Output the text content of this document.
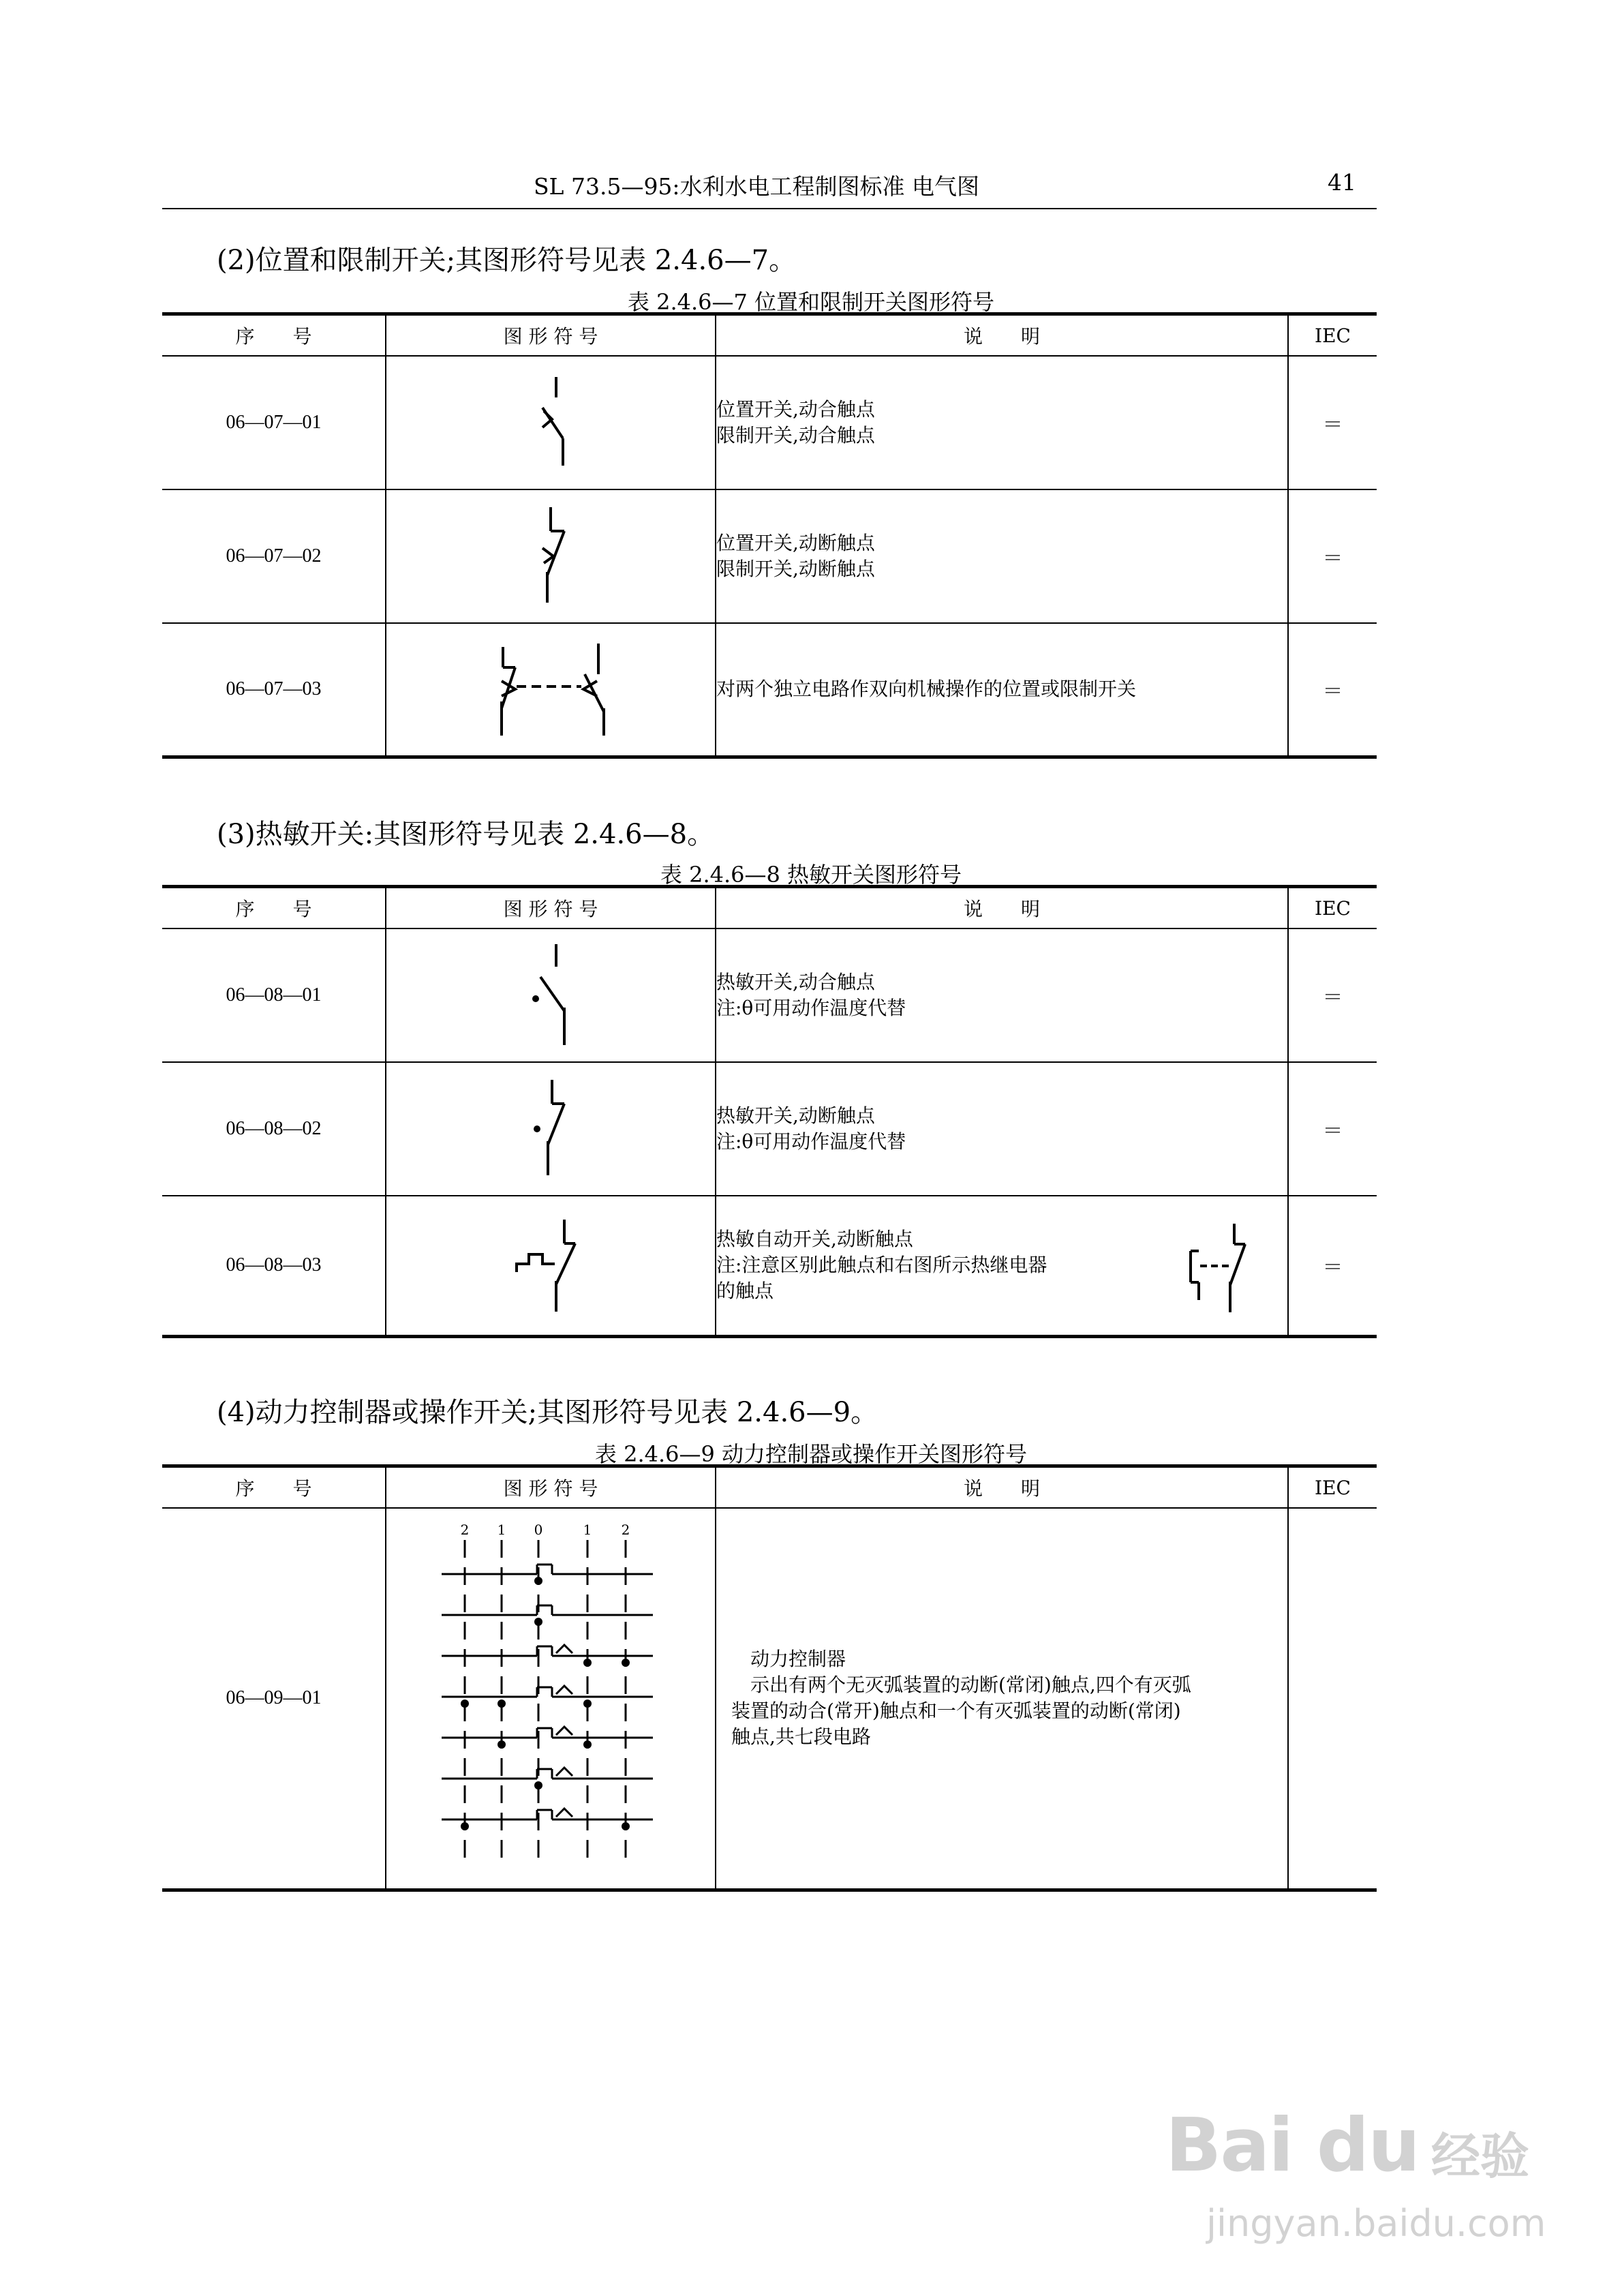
SL 73.5—95:水利水电工程制图标准 电气图	41
(2)位置和限制开关;其图形符号见表 2.4.6—7。
表 2.4.6—7 位置和限制开关图形符号
序　　号	图 形 符 号	说　　明	IEC
06—07—01		位置开关,动合触点
限制开关,动合触点	＝
06—07—02		位置开关,动断触点
限制开关,动断触点	＝
06—07—03		对两个独立电路作双向机械操作的位置或限制开关	＝
(3)热敏开关:其图形符号见表 2.4.6—8。
表 2.4.6—8 热敏开关图形符号
序　　号	图 形 符 号	说　　明	IEC
06—08—01		热敏开关,动合触点
注:θ可用动作温度代替	＝
06—08—02		热敏开关,动断触点
注:θ可用动作温度代替	＝
06—08—03		热敏自动开关,动断触点
注:注意区别此触点和右图所示热继电器
的触点	＝
(4)动力控制器或操作开关;其图形符号见表 2.4.6—9。
表 2.4.6—9 动力控制器或操作开关图形符号
序　　号	图 形 符 号	说　　明	IEC
06—09—01	2 1 0 1 2	动力控制器
示出有两个无灭弧装置的动断(常闭)触点,四个有灭弧
装置的动合(常开)触点和一个有灭弧装置的动断(常闭)
触点,共七段电路	

Bai du 经验
jingyan.baidu.com
